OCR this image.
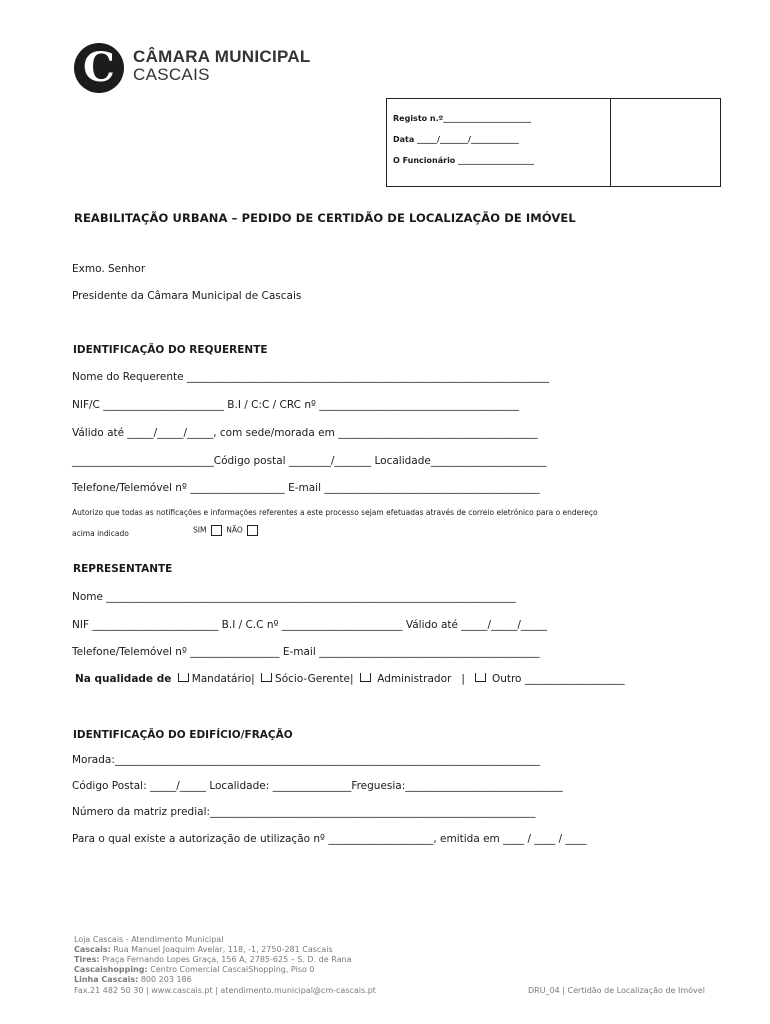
C CÂMARA MUNICIPAL
CASCAIS
Registo n.º______________________
Data _____/_______/____________
O Funcionário ___________________
REABILITAÇÃO URBANA – PEDIDO DE CERTIDÃO DE LOCALIZAÇÃO DE IMÓVEL
Exmo. Senhor
Presidente da Câmara Municipal de Cascais
IDENTIFICAÇÃO DO REQUERENTE
Nome do Requerente _____________________________________________________________________
NIF/C _______________________ B.I / C:C / CRC nº ______________________________________
Válido até _____/_____/_____, com sede/morada em ______________________________________
___________________________Código postal ________/_______ Localidade______________________
Telefone/Telemóvel nº __________________ E-mail _________________________________________
Autorizo que todas as notificações e informações referentes a este processo sejam efetuadas através de correio eletrónico para o endereço
acima indicado	SIM	NÃO
REPRESENTANTE
Nome ______________________________________________________________________________
NIF ________________________ B.I / C.C nº _______________________ Válido até _____/_____/_____
Telefone/Telemóvel nº _________________ E-mail __________________________________________
Na qualidade de Mandatário| Sócio-Gerente| Administrador |	Outro ___________________
IDENTIFICAÇÃO DO EDIFÍCIO/FRAÇÃO
Morada:_________________________________________________________________________________
Código Postal: _____/_____ Localidade: _______________Freguesia:______________________________
Número da matriz predial:______________________________________________________________
Para o qual existe a autorização de utilização nº ____________________, emitida em ____ / ____ / ____
Loja Cascais - Atendimento Municipal
Cascais: Rua Manuel Joaquim Avelar, 118, -1, 2750-281 Cascais
Tires: Praça Fernando Lopes Graça, 156 A, 2785-625 – S. D. de Rana
Cascaishopping: Centro Comercial CascaiShopping, Piso 0
Linha Cascais: 800 203 186
Fax.21 482 50 30 | www.cascais.pt | atendimento.municipal@cm-cascais.pt	DRU_04 | Certidão de Localização de Imóvel
